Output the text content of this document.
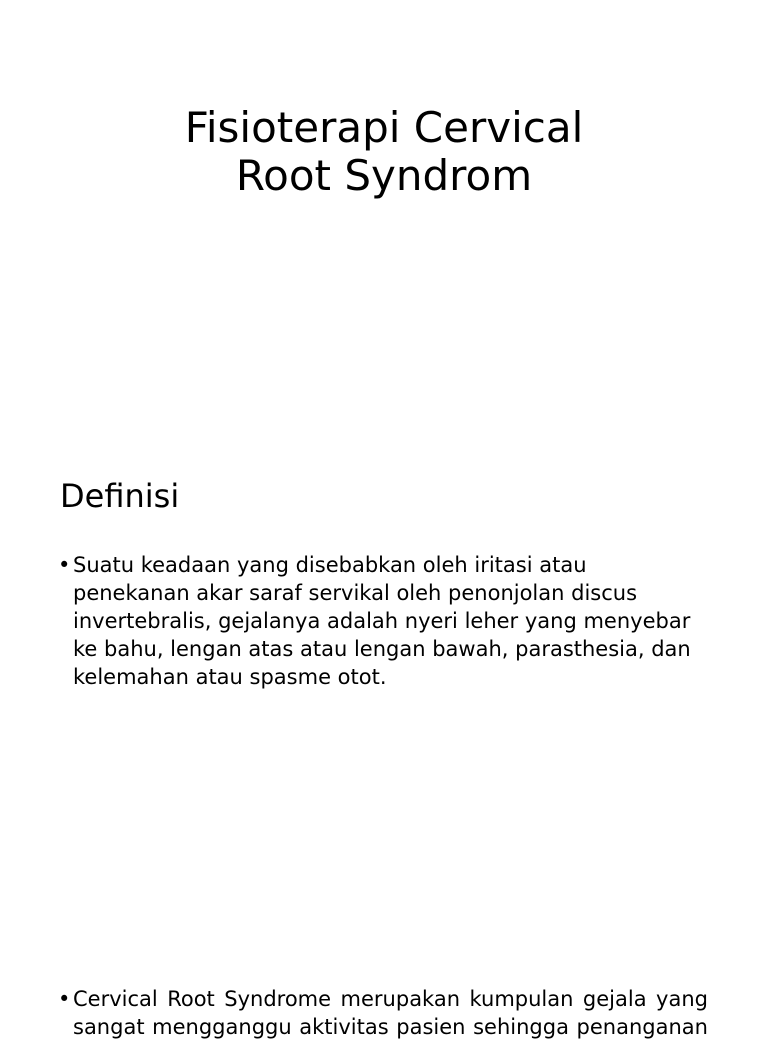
Fisioterapi Cervical
Root Syndrom
Definisi
• Suatu keadaan yang disebabkan oleh iritasi atau penekanan akar saraf servikal oleh penonjolan discus invertebralis, gejalanya adalah nyeri leher yang menyebar ke bahu, lengan atas atau lengan bawah, parasthesia, dan kelemahan atau spasme otot.
• Cervical Root Syndrome merupakan kumpulan gejala yang sangat mengganggu aktivitas pasien sehingga penanganan
